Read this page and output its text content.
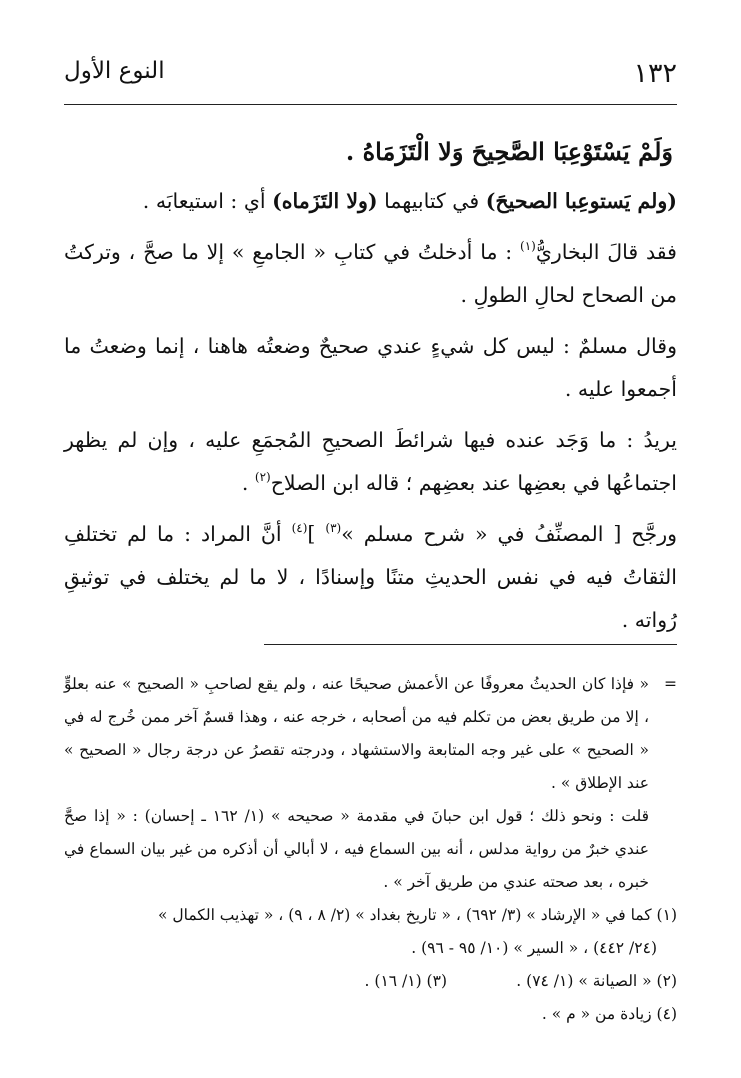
١٣٢
النوع الأول

وَلَمْ يَسْتَوْعِبَا الصَّحِيحَ وَلا الْتَزَمَاهُ .

(ولم يَستوعِبا الصحيحَ) في كتابيهما (ولا التَزَماه) أي : استيعابَه .

فقد قالَ البخاريُّ$^{(١)}$ : ما أدخلتُ في كتابِ « الجامعِ » إلا ما صحَّ ، وتركتُ من الصحاح لحالِ الطولِ .

وقال مسلمٌ : ليس كل شيءٍ عندي صحيحٌ وضعتُه هاهنا ، إنما وضعتُ ما أجمعوا عليه .

يريدُ : ما وَجَد عنده فيها شرائطَ الصحيحِ المُجمَعِ عليه ، وإن لم يظهر اجتماعُها في بعضِها عند بعضِهم ؛ قاله ابن الصلاح$^{(٢)}$ .

ورجَّح [ المصنِّفُ في « شرح مسلم »$^{(٣)}$ ]$^{(٤)}$ أنَّ المراد : ما لم تختلفِ الثقاتُ فيه في نفس الحديثِ متنًا وإسنادًا ، لا ما لم يختلف في توثيقِ رُواته .

=
« فإذا كان الحديثُ معروفًا عن الأعمش صحيحًا عنه ، ولم يقع لصاحبِ « الصحيح » عنه بعلوٍّ ، إلا من طريق بعض من تكلم فيه من أصحابه ، خرجه عنه ، وهذا قسمٌ آخر ممن خُرج له في « الصحيح » على غير وجه المتابعة والاستشهاد ، ودرجته تقصرُ عن درجة رجال « الصحيح » عند الإطلاق » .
قلت : ونحو ذلك ؛ قول ابن حبانَ في مقدمة « صحيحه » (١/ ١٦٢ ـ إحسان) : « إذا صحَّ عندي خبرٌ من رواية مدلس ، أنه بين السماع فيه ، لا أبالي أن أذكره من غير بيان السماع في خبره ، بعد صحته عندي من طريق آخر » .
(١) كما في « الإرشاد » (٣/ ٦٩٢) ، « تاريخ بغداد » (٢/ ٨ ، ٩) ، « تهذيب الكمال »
(٢٤/ ٤٤٢) ، « السير » (١٠/ ٩٥ - ٩٦) .
(٢) « الصيانة » (١/ ٧٤) .
(٣) (١/ ١٦) .
(٤) زيادة من « م » .
